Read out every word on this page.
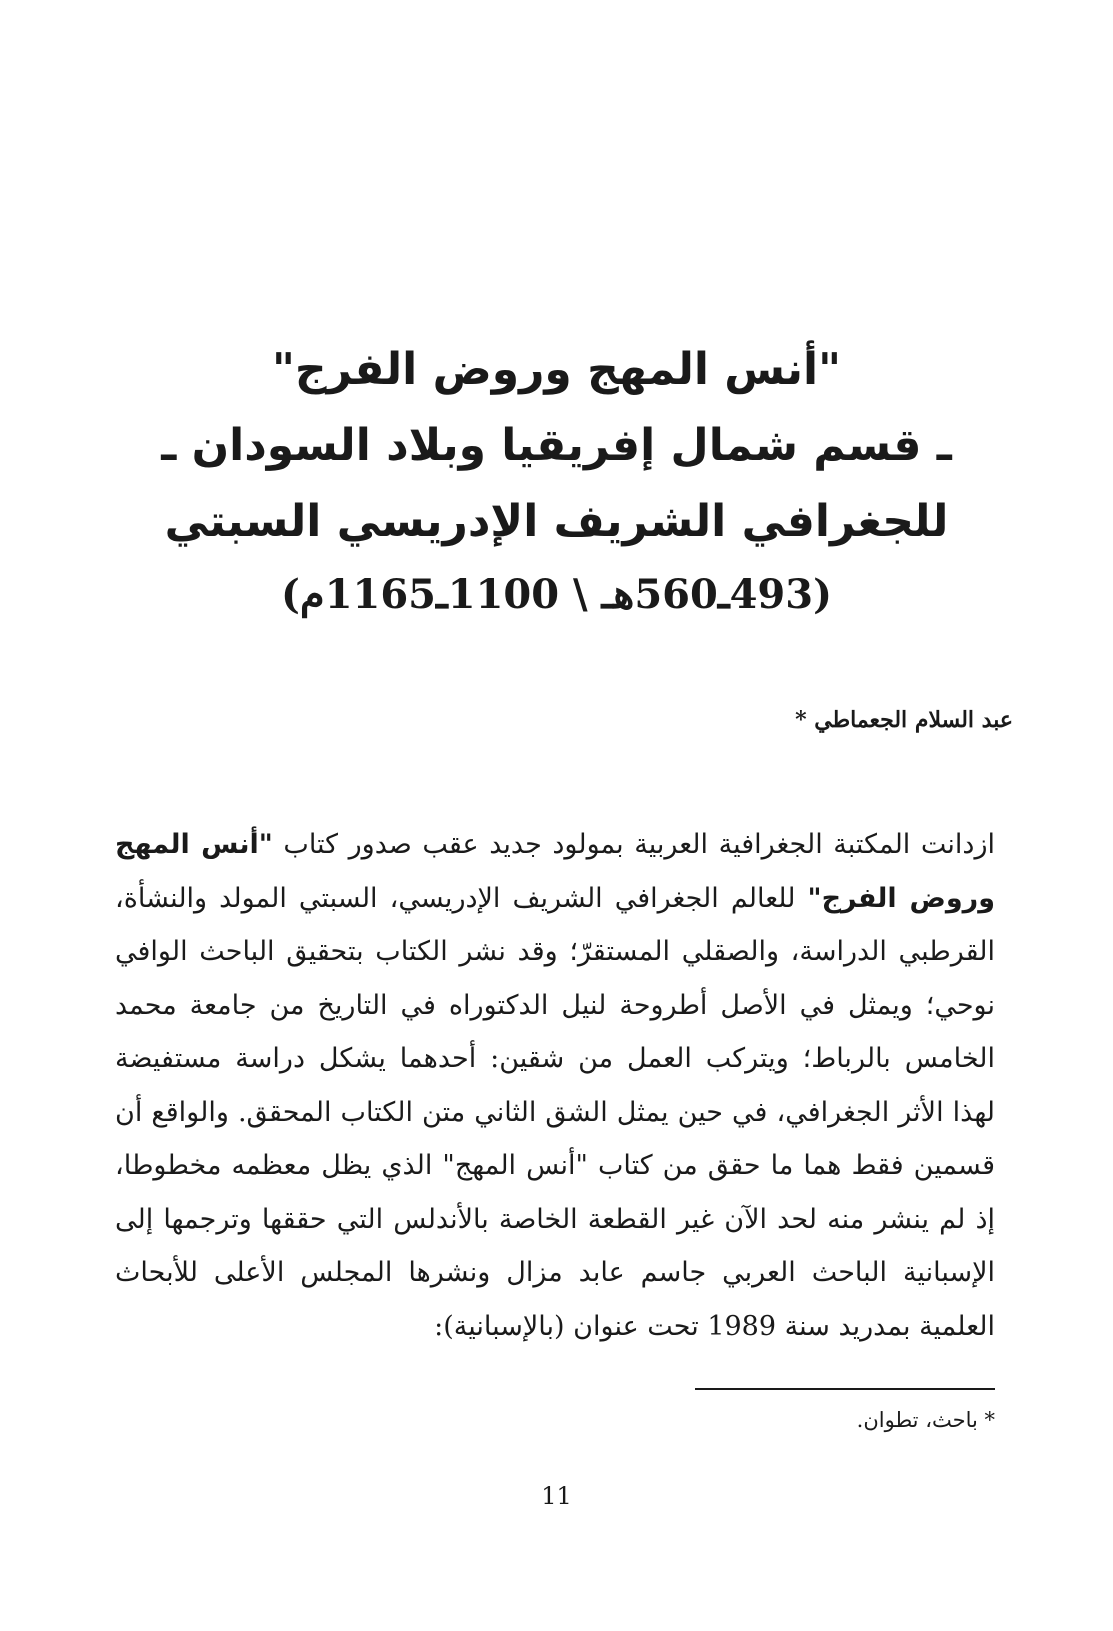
"أنس المهج وروض الفرج"
ـ قسم شمال إفريقيا وبلاد السودان ـ
للجغرافي الشريف الإدريسي السبتي
(493ـ560هـ \ 1100ـ1165م)
عبد السلام الجعماطي *
ازدانت المكتبة الجغرافية العربية بمولود جديد عقب صدور كتاب "أنس المهج وروض الفرج" للعالم الجغرافي الشريف الإدريسي، السبتي المولد والنشأة، القرطبي الدراسة، والصقلي المستقرّ؛ وقد نشر الكتاب بتحقيق الباحث الوافي نوحي؛ ويمثل في الأصل أطروحة لنيل الدكتوراه في التاريخ من جامعة محمد الخامس بالرباط؛ ويتركب العمل من شقين: أحدهما يشكل دراسة مستفيضة لهذا الأثر الجغرافي، في حين يمثل الشق الثاني متن الكتاب المحقق. والواقع أن قسمين فقط هما ما حقق من كتاب "أنس المهج" الذي يظل معظمه مخطوطا، إذ لم ينشر منه لحد الآن غير القطعة الخاصة بالأندلس التي حققها وترجمها إلى الإسبانية الباحث العربي جاسم عابد مزال ونشرها المجلس الأعلى للأبحاث العلمية بمدريد سنة 1989 تحت عنوان (بالإسبانية):
* باحث، تطوان.
11
